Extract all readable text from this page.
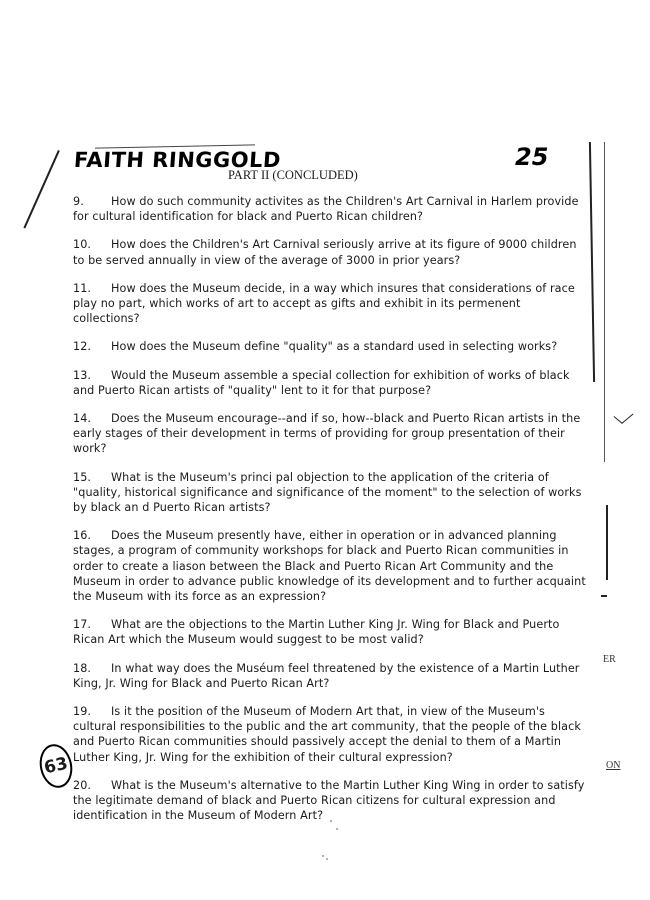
FAITH RINGGOLD	25
PART II (CONCLUDED)

9. How do such community activites as the Children's Art Carnival in Harlem provide for cultural identification for black and Puerto Rican children?

10. How does the Children's Art Carnival seriously arrive at its figure of 9000 children to be served annually in view of the average of 3000 in prior years?

11. How does the Museum decide, in a way which insures that considerations of race play no part, which works of art to accept as gifts and exhibit in its permenent collections?

12. How does the Museum define "quality" as a standard used in selecting works?

13. Would the Museum assemble a special collection for exhibition of works of black and Puerto Rican artists of "quality" lent to it for that purpose?

14. Does the Museum encourage--and if so, how--black and Puerto Rican artists in the early stages of their development in terms of providing for group presentation of their work?

15. What is the Museum's princi pal objection to the application of the criteria of "quality, historical significance and significance of the moment" to the selection of works by black an d Puerto Rican artists?

16. Does the Museum presently have, either in operation or in advanced planning stages, a program of community workshops for black and Puerto Rican communities in order to create a liason between the Black and Puerto Rican Art Community and the Museum in order to advance public knowledge of its development and to further acquaint the Museum with its force as an expression?

17. What are the objections to the Martin Luther King Jr. Wing for Black and Puerto Rican Art which the Museum would suggest to be most valid?

18. In what way does the Muséum feel threatened by the existence of a Martin Luther King, Jr. Wing for Black and Puerto Rican Art?

19. Is it the position of the Museum of Modern Art that, in view of the Museum's cultural responsibilities to the public and the art community, that the people of the black and Puerto Rican communities should passively accept the denial to them of a Martin Luther King, Jr. Wing for the exhibition of their cultural expression?

20. What is the Museum's alternative to the Martin Luther King Wing in order to satisfy the legitimate demand of black and Puerto Rican citizens for cultural expression and identification in the Museum of Modern Art?

63
ER
ON
